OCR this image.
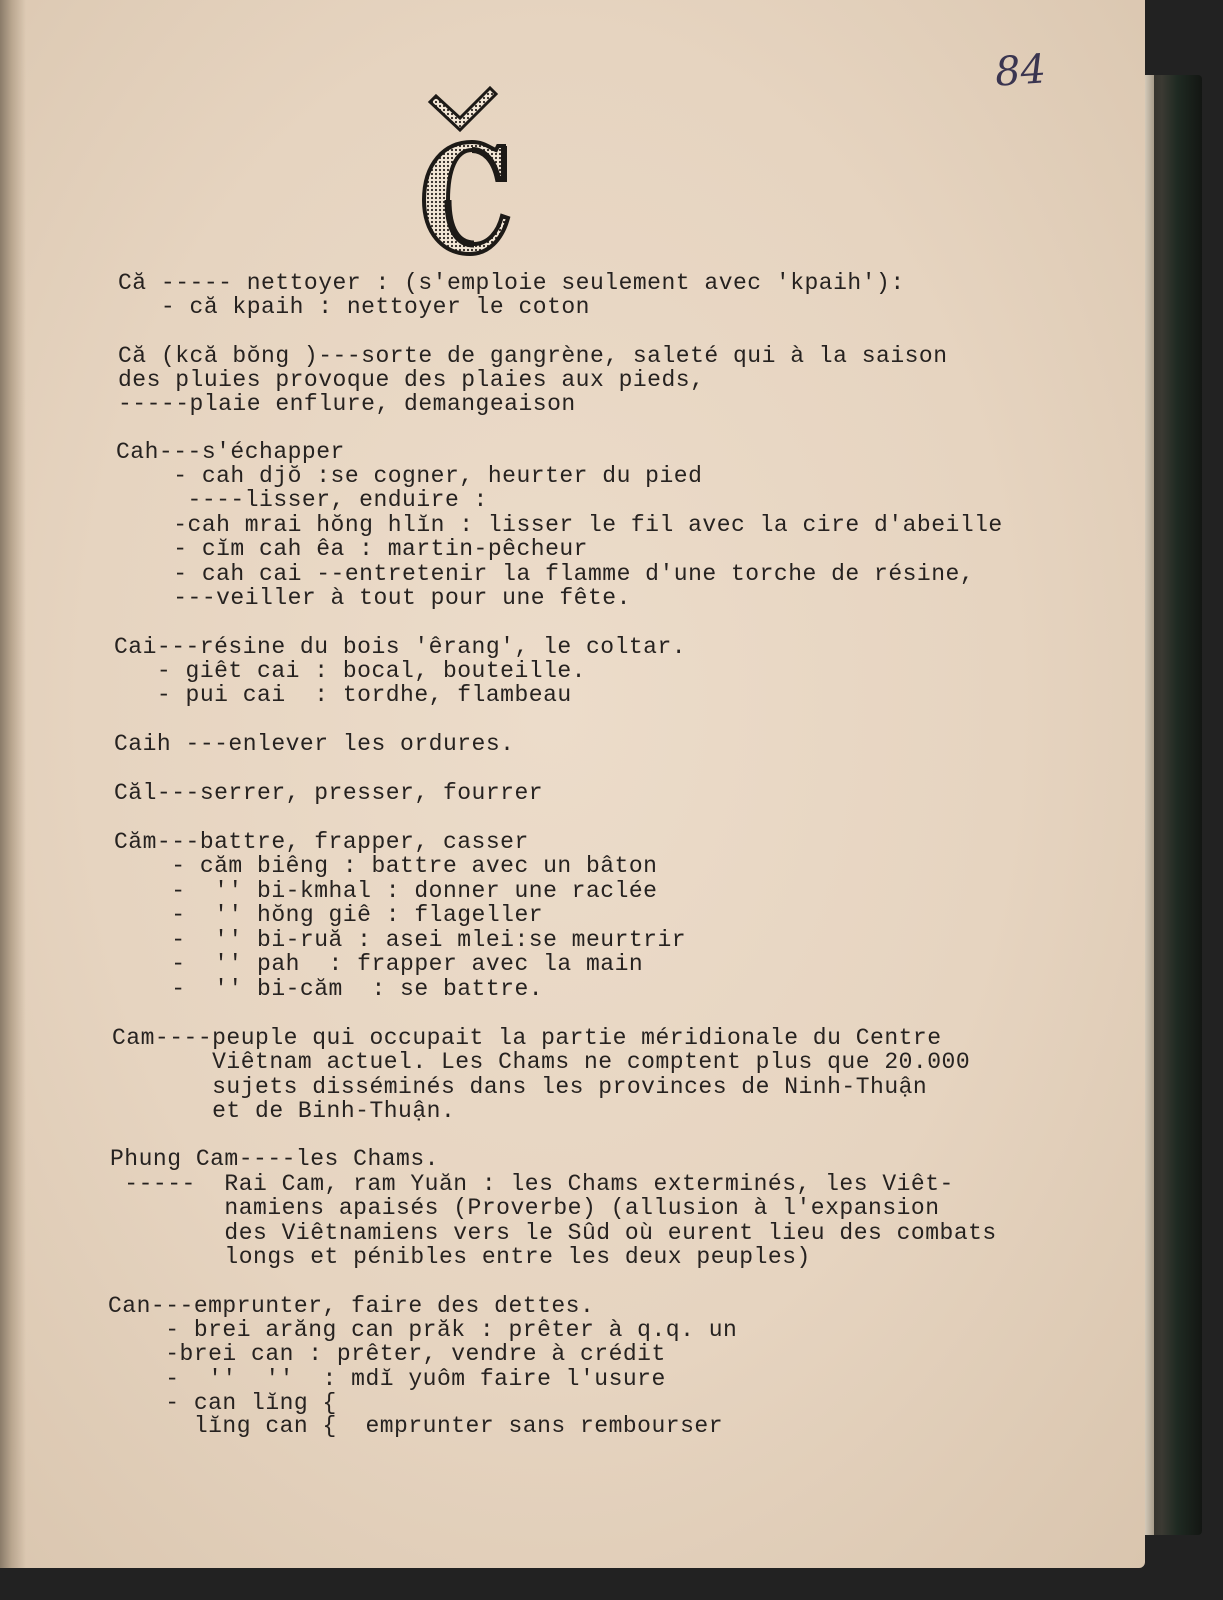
84
Că ----- nettoyer : (s'emploie seulement avec 'kpaih'):
- că kpaih : nettoyer le coton
Că (kcă bŏng )---sorte de gangrène, saleté qui à la saison
des pluies provoque des plaies aux pieds,
-----plaie enflure, demangeaison
Cah---s'échapper
- cah djŏ :se cogner, heurter du pied
----lisser, enduire :
-cah mrai hŏng hlĭn : lisser le fil avec la cire d'abeille
- cĭm cah êa : martin-pêcheur
- cah cai --entretenir la flamme d'une torche de résine,
---veiller à tout pour une fête.
Cai---résine du bois 'êrang', le coltar.
- giêt cai : bocal, bouteille.
- pui cai  : tordhe, flambeau
Caih ---enlever les ordures.
Căl---serrer, presser, fourrer
Căm---battre, frapper, casser
- căm biêng : battre avec un bâton
-  '' bi-kmhal : donner une raclée
-  '' hŏng giê : flageller
-  '' bi-ruă : asei mlei:se meurtrir
-  '' pah  : frapper avec la main
-  '' bi-căm  : se battre.
Cam----peuple qui occupait la partie méridionale du Centre
Viêtnam actuel. Les Chams ne comptent plus que 20.000
sujets disséminés dans les provinces de Ninh-Thuận
et de Binh-Thuận.
Phung Cam----les Chams.
-----  Rai Cam, ram Yuăn : les Chams exterminés, les Viêt-
namiens apaisés (Proverbe) (allusion à l'expansion
des Viêtnamiens vers le Sûd où eurent lieu des combats
longs et pénibles entre les deux peuples)
Can---emprunter, faire des dettes.
- brei arăng can prăk : prêter à q.q. un
-brei can : prêter, vendre à crédit
-  ''  ''  : mdĭ yuôm faire l'usure
- can lĭng {
lĭng can {  emprunter sans rembourser
